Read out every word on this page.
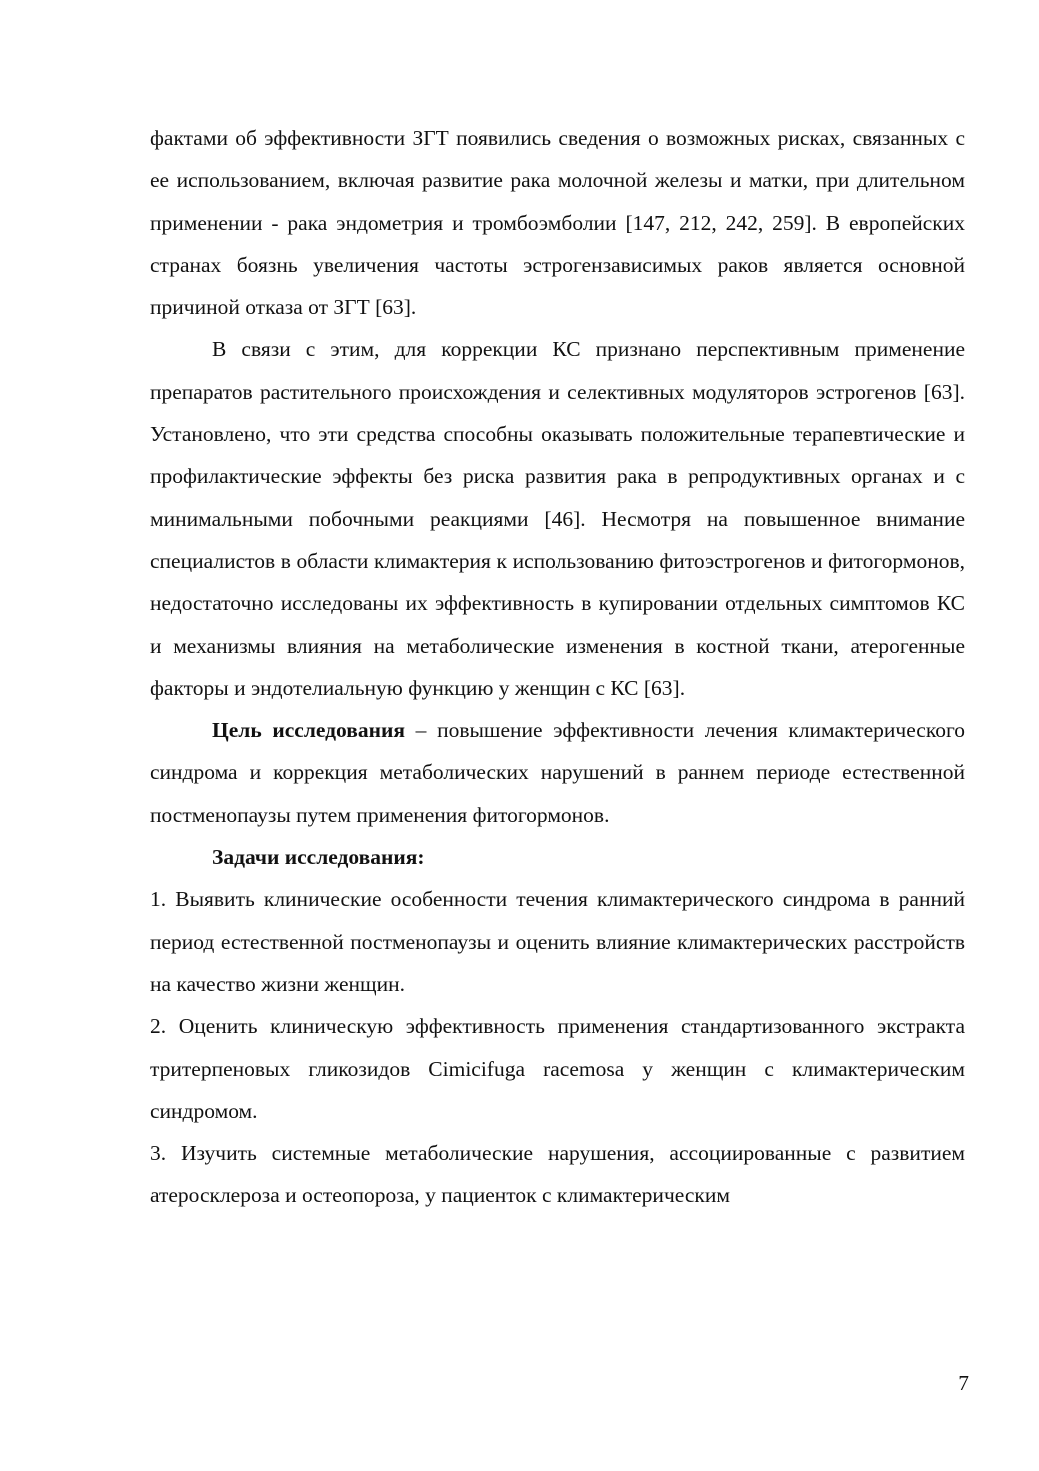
фактами об эффективности ЗГТ появились сведения о возможных рисках, связанных с ее использованием, включая развитие рака молочной железы и матки, при длительном применении - рака эндометрия и тромбоэмболии [147, 212, 242, 259]. В европейских странах боязнь увеличения частоты эстрогензависимых раков является основной причиной отказа от ЗГТ [63].

В связи с этим, для коррекции КС признано перспективным применение препаратов растительного происхождения и селективных модуляторов эстрогенов [63]. Установлено, что эти средства способны оказывать положительные терапевтические и профилактические эффекты без риска развития рака в репродуктивных органах и с минимальными побочными реакциями [46]. Несмотря на повышенное внимание специалистов в области климактерия к использованию фитоэстрогенов и фитогормонов, недостаточно исследованы их эффективность в купировании отдельных симптомов КС и механизмы влияния на метаболические изменения в костной ткани, атерогенные факторы и эндотелиальную функцию у женщин с КС [63].

Цель исследования – повышение эффективности лечения климактерического синдрома и коррекция метаболических нарушений в раннем периоде естественной постменопаузы путем применения фитогормонов.

Задачи исследования:

1. Выявить клинические особенности течения климактерического синдрома в ранний период естественной постменопаузы и оценить влияние климактерических расстройств на качество жизни женщин.

2. Оценить клиническую эффективность применения стандартизованного экстракта тритерпеновых гликозидов Cimicifuga racemosa у женщин с климактерическим синдромом.

3. Изучить системные метаболические нарушения, ассоциированные с развитием атеросклероза и остеопороза, у пациенток с климактерическим

7
